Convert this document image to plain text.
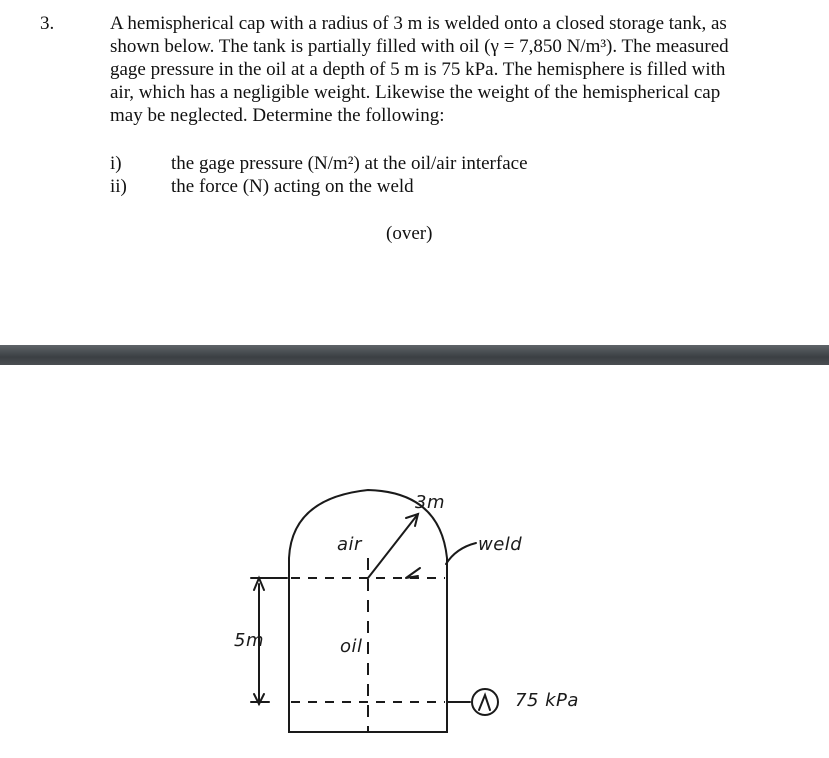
3.	A hemispherical cap with a radius of 3 m is welded onto a closed storage tank, as
shown below. The tank is partially filled with oil (γ = 7,850 N/m³). The measured
gage pressure in the oil at a depth of 5 m is 75 kPa. The hemisphere is filled with
air, which has a negligible weight. Likewise the weight of the hemispherical cap
may be neglected. Determine the following:
i)	the gage pressure (N/m²) at the oil/air interface
ii) the force (N) acting on the weld
(over)
3m
air	weld
5m	oil
75 kPa
